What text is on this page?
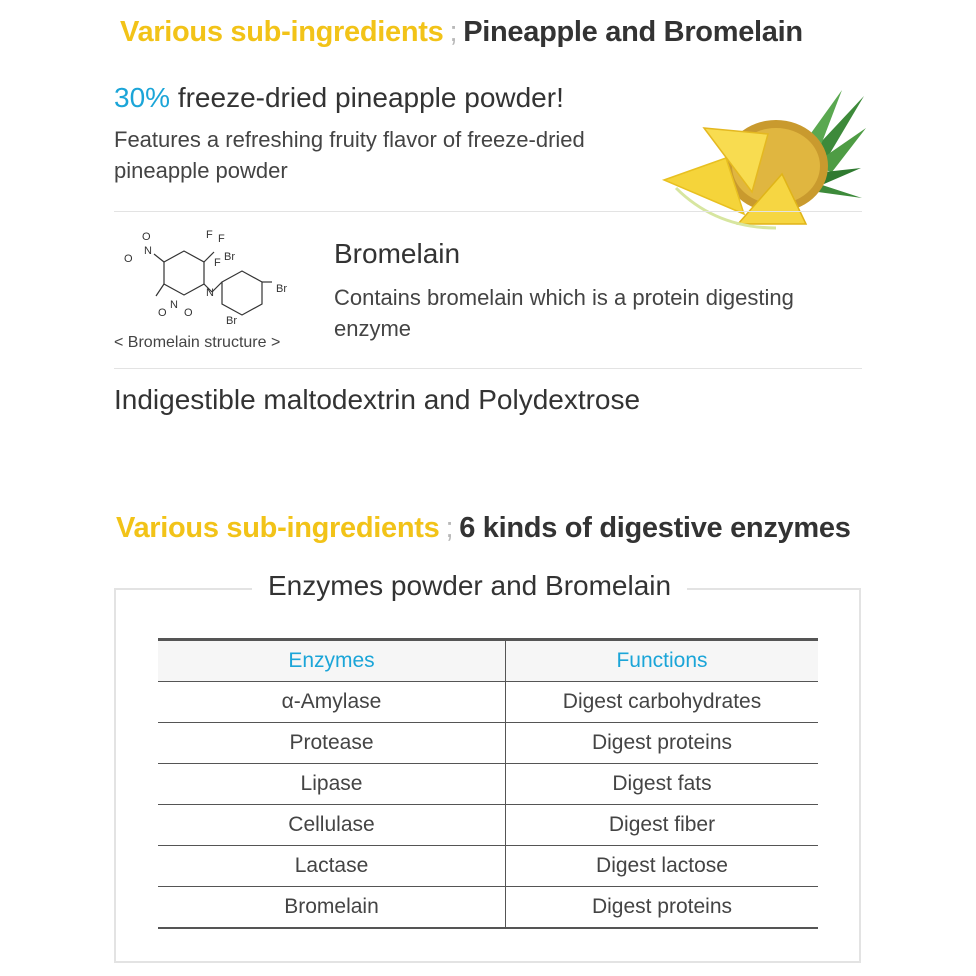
Various sub-ingredients ; Pineapple and Bromelain
30% freeze-dried pineapple powder!
Features a refreshing fruity flavor of freeze-dried pineapple powder
O
N
O
F F
F Br
N	Br
Br
N
O O
< Bromelain structure >
Bromelain
Contains bromelain which is a protein digesting enzyme
Indigestible maltodextrin and Polydextrose
Various sub-ingredients ; 6 kinds of digestive enzymes
Enzymes powder and Bromelain
Enzymes	Functions
α-Amylase	Digest carbohydrates
Protease	Digest proteins
Lipase	Digest fats
Cellulase	Digest fiber
Lactase	Digest lactose
Bromelain	Digest proteins
